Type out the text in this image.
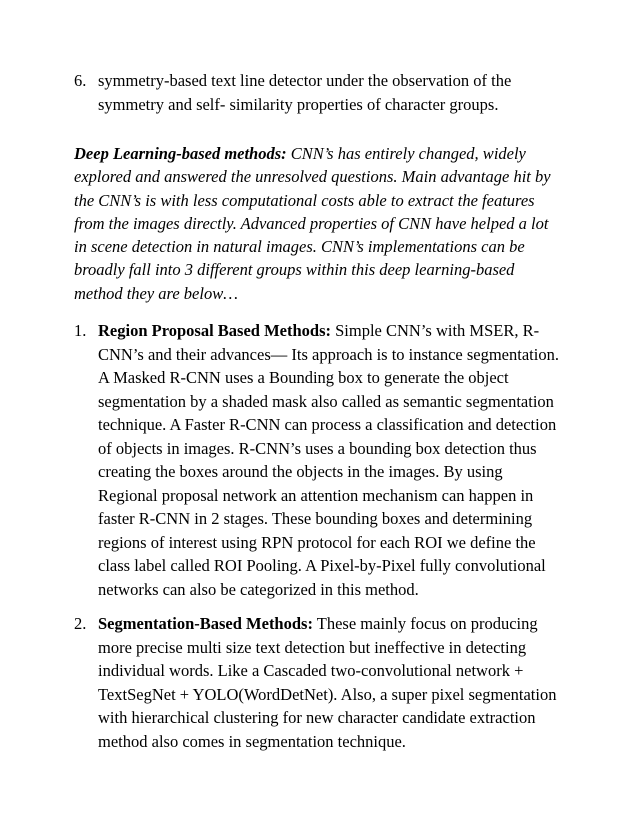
6. symmetry-based text line detector under the observation of the
symmetry and self- similarity properties of character groups.
Deep Learning-based methods: CNN’s has entirely changed, widely
explored and answered the unresolved questions. Main advantage hit by
the CNN’s is with less computational costs able to extract the features
from the images directly. Advanced properties of CNN have helped a lot
in scene detection in natural images. CNN’s implementations can be
broadly fall into 3 different groups within this deep learning-based
method they are below…
1. Region Proposal Based Methods: Simple CNN’s with MSER, R-
CNN’s and their advances— Its approach is to instance segmentation.
A Masked R-CNN uses a Bounding box to generate the object
segmentation by a shaded mask also called as semantic segmentation
technique. A Faster R-CNN can process a classification and detection
of objects in images. R-CNN’s uses a bounding box detection thus
creating the boxes around the objects in the images. By using
Regional proposal network an attention mechanism can happen in
faster R-CNN in 2 stages. These bounding boxes and determining
regions of interest using RPN protocol for each ROI we define the
class label called ROI Pooling. A Pixel-by-Pixel fully convolutional
networks can also be categorized in this method.
2. Segmentation-Based Methods: These mainly focus on producing
more precise multi size text detection but ineffective in detecting
individual words. Like a Cascaded two-convolutional network +
TextSegNet + YOLO(WordDetNet). Also, a super pixel segmentation
with hierarchical clustering for new character candidate extraction
method also comes in segmentation technique.
